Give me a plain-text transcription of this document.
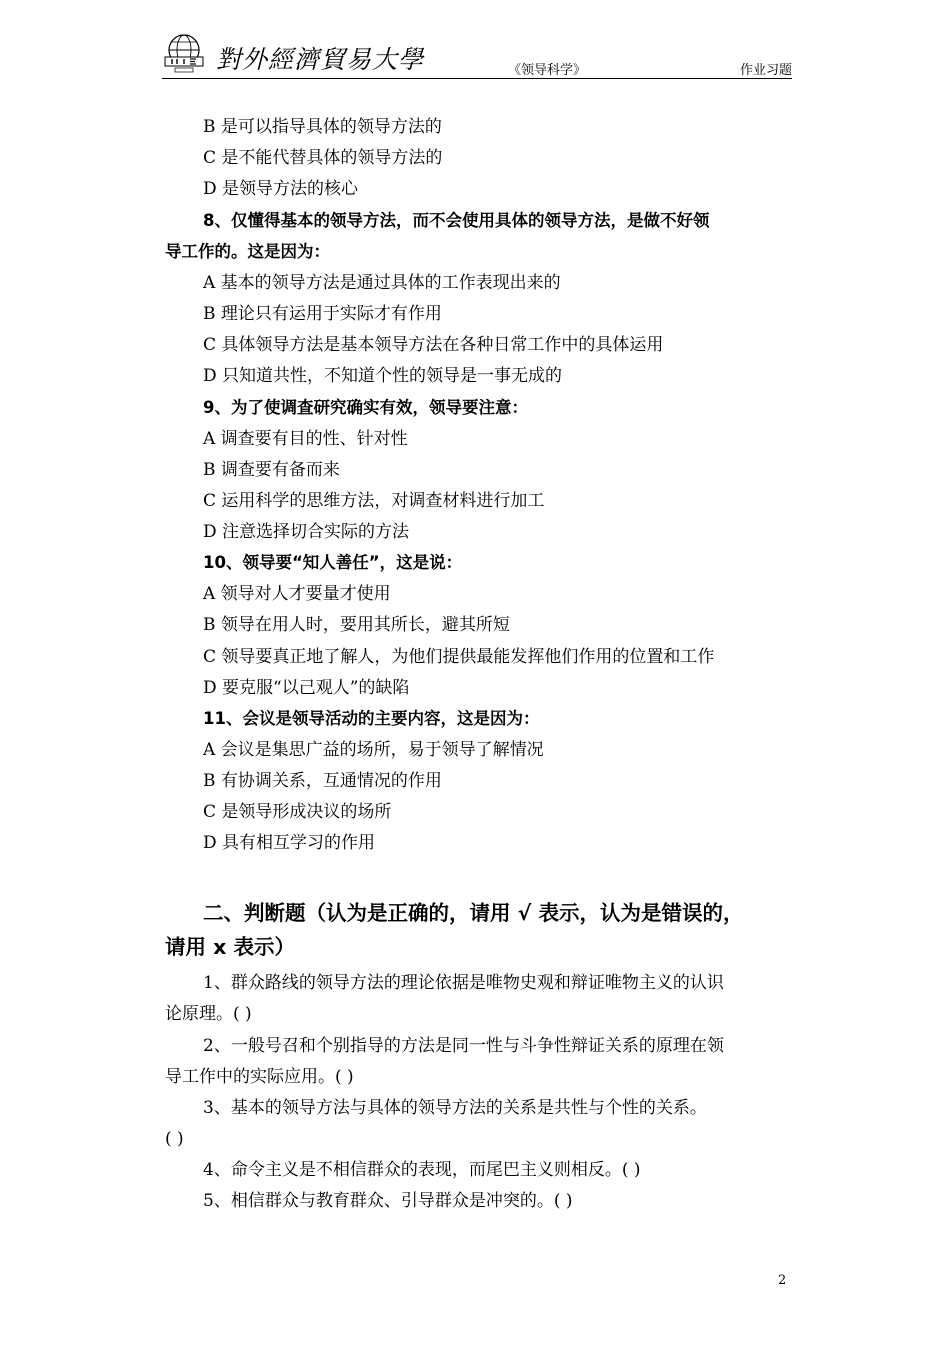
對外經濟貿易大學	《领导科学》	作业习题
B 是可以指导具体的领导方法的
C 是不能代替具体的领导方法的
D 是领导方法的核心
8、仅懂得基本的领导方法，而不会使用具体的领导方法，是做不好领
导工作的。这是因为：
A 基本的领导方法是通过具体的工作表现出来的
B 理论只有运用于实际才有作用
C 具体领导方法是基本领导方法在各种日常工作中的具体运用
D 只知道共性，不知道个性的领导是一事无成的
9、为了使调查研究确实有效，领导要注意：
A 调查要有目的性、针对性
B 调查要有备而来
C 运用科学的思维方法，对调查材料进行加工
D 注意选择切合实际的方法
10、领导要“知人善任”，这是说：
A 领导对人才要量才使用
B 领导在用人时，要用其所长，避其所短
C 领导要真正地了解人，为他们提供最能发挥他们作用的位置和工作
D 要克服“以己观人”的缺陷
11、会议是领导活动的主要内容，这是因为：
A 会议是集思广益的场所，易于领导了解情况
B 有协调关系，互通情况的作用
C 是领导形成决议的场所
D 具有相互学习的作用
二、判断题（认为是正确的，请用 √ 表示，认为是错误的，
请用 x 表示）
1、群众路线的领导方法的理论依据是唯物史观和辩证唯物主义的认识
论原理。( )
2、一般号召和个别指导的方法是同一性与斗争性辩证关系的原理在领
导工作中的实际应用。( )
3、基本的领导方法与具体的领导方法的关系是共性与个性的关系。
( )
4、命令主义是不相信群众的表现，而尾巴主义则相反。( )
5、相信群众与教育群众、引导群众是冲突的。( )
2
